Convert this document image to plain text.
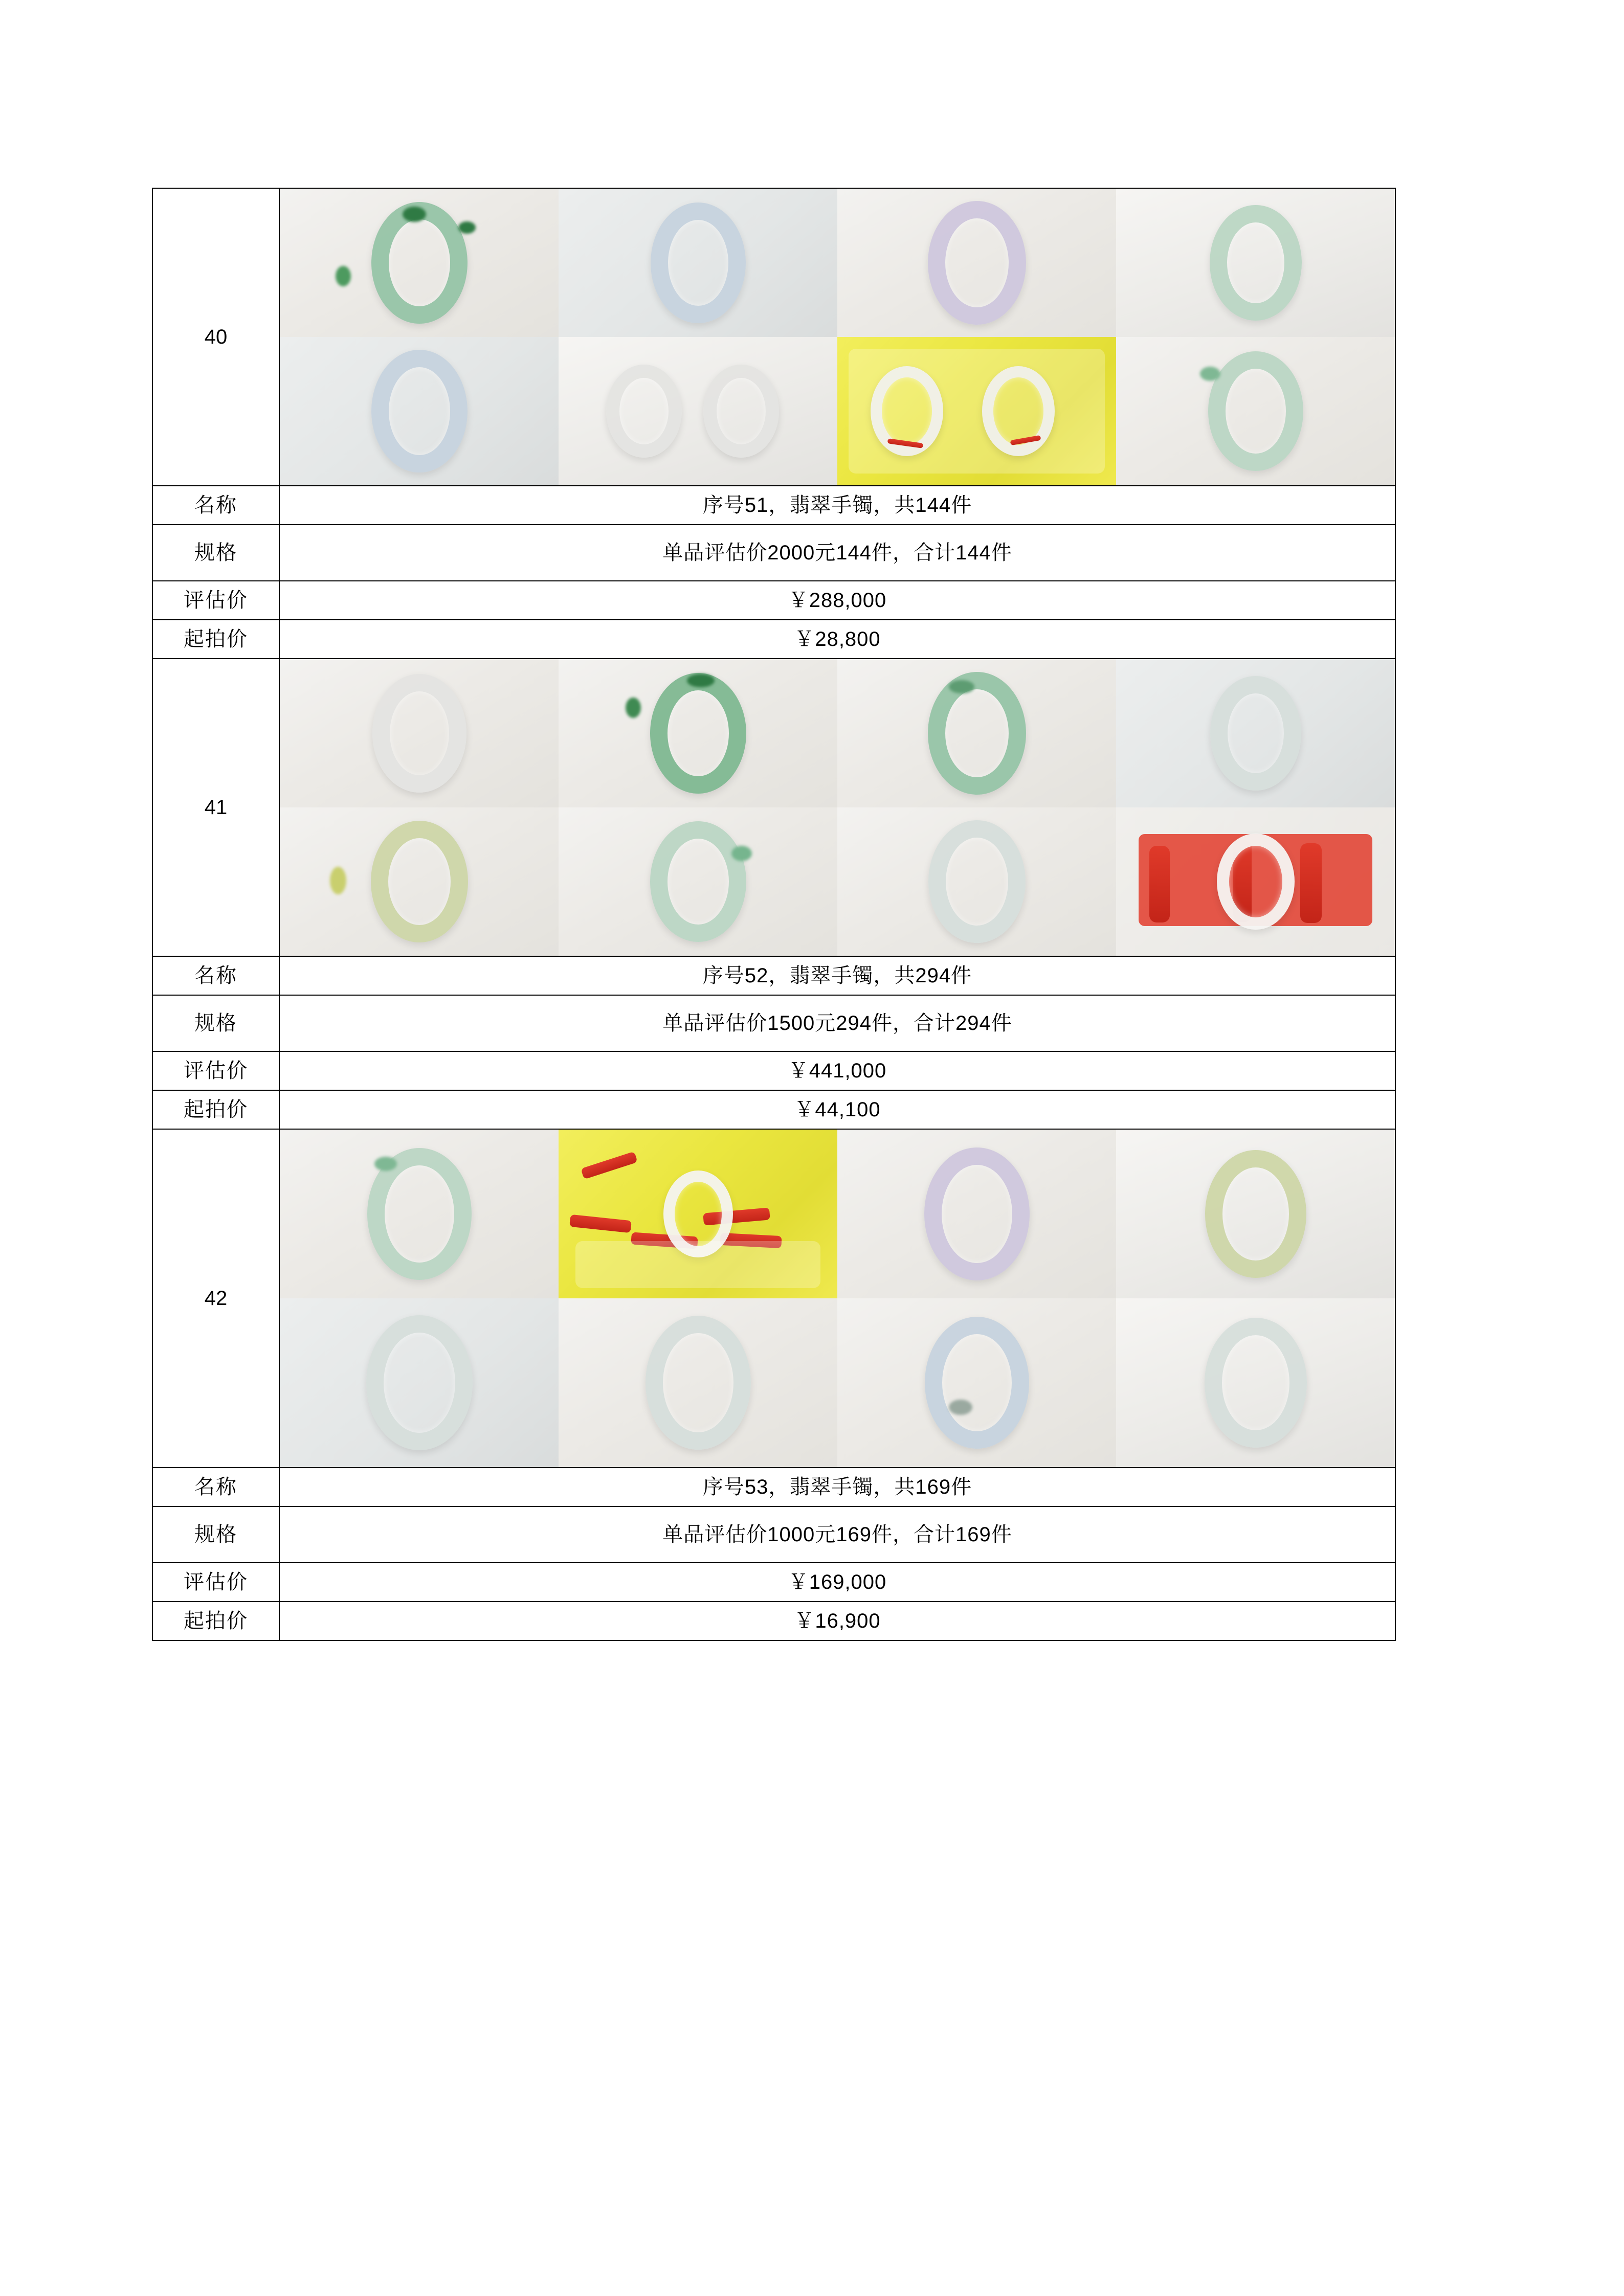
40	

名称	序号51，翡翠手镯，共144件
规格	单品评估价2000元144件，合计144件
评估价	￥288,000
起拍价	￥28,800
41	

名称	序号52，翡翠手镯，共294件
规格	单品评估价1500元294件，合计294件
评估价	￥441,000
起拍价	￥44,100
42	

名称	序号53，翡翠手镯，共169件
规格	单品评估价1000元169件，合计169件
评估价	￥169,000
起拍价	￥16,900
